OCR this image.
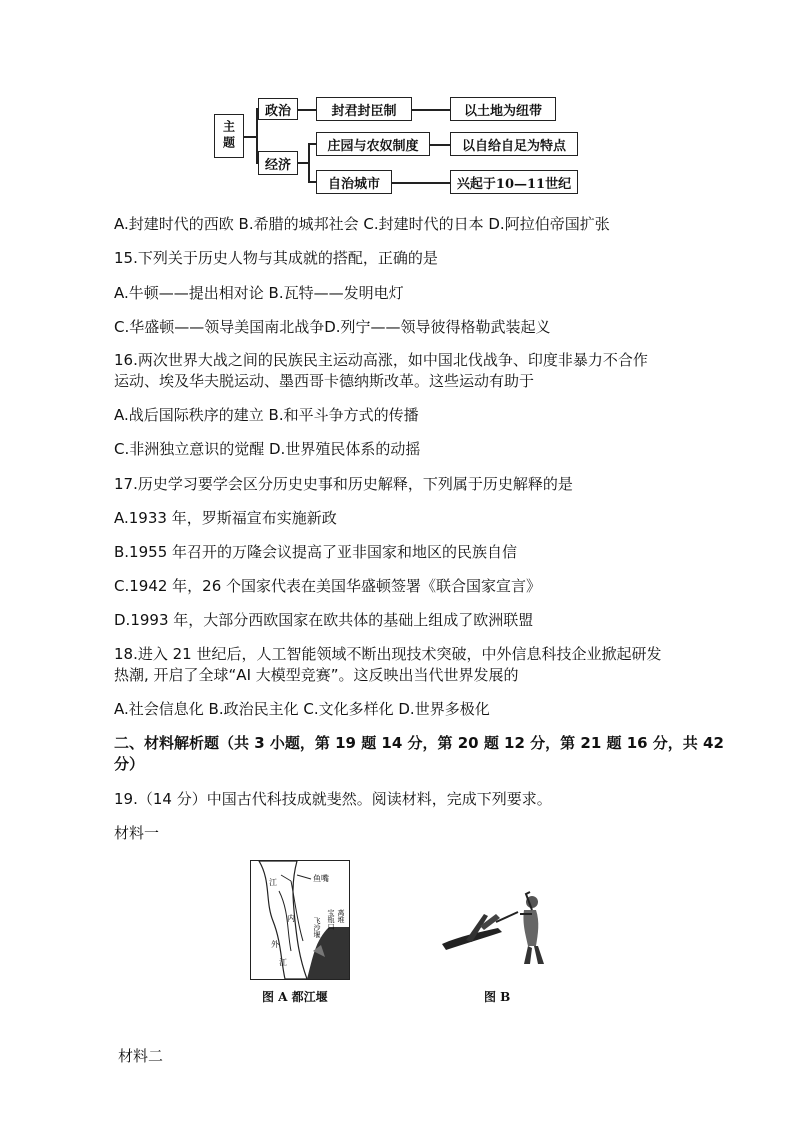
主题
政治	封君封臣制	以土地为纽带
经济
庄园与农奴制度	以自给自足为特点
自治城市	兴起于10—11世纪
A.封建时代的西欧 B.希腊的城邦社会 C.封建时代的日本 D.阿拉伯帝国扩张
15.下列关于历史人物与其成就的搭配，正确的是
A.牛顿——提出相对论 B.瓦特——发明电灯
C.华盛顿——领导美国南北战争D.列宁——领导彼得格勒武装起义
16.两次世界大战之间的民族民主运动高涨，如中国北伐战争、印度非暴力不合作
运动、埃及华夫脱运动、墨西哥卡德纳斯改革。这些运动有助于
A.战后国际秩序的建立 B.和平斗争方式的传播
C.非洲独立意识的觉醒 D.世界殖民体系的动摇
17.历史学习要学会区分历史史事和历史解释，下列属于历史解释的是
A.1933 年，罗斯福宣布实施新政
B.1955 年召开的万隆会议提高了亚非国家和地区的民族自信
C.1942 年，26 个国家代表在美国华盛顿签署《联合国家宣言》
D.1993 年，大部分西欧国家在欧共体的基础上组成了欧洲联盟
18.进入 21 世纪后，人工智能领域不断出现技术突破，中外信息科技企业掀起研发
热潮, 开启了全球“AI 大模型竞赛”。这反映出当代世界发展的
A.社会信息化 B.政治民主化 C.文化多样化 D.世界多极化
二、材料解析题（共 3 小题，第 19 题 14 分，第 20 题 12 分，第 21 题 16 分，共 42
分）
19.（14 分）中国古代科技成就斐然。阅读材料，完成下列要求。
材料一
鱼嘴
江
内
外
江
飞沙堰 宝瓶口 离堆
图 A 都江堰	图 B
材料二
